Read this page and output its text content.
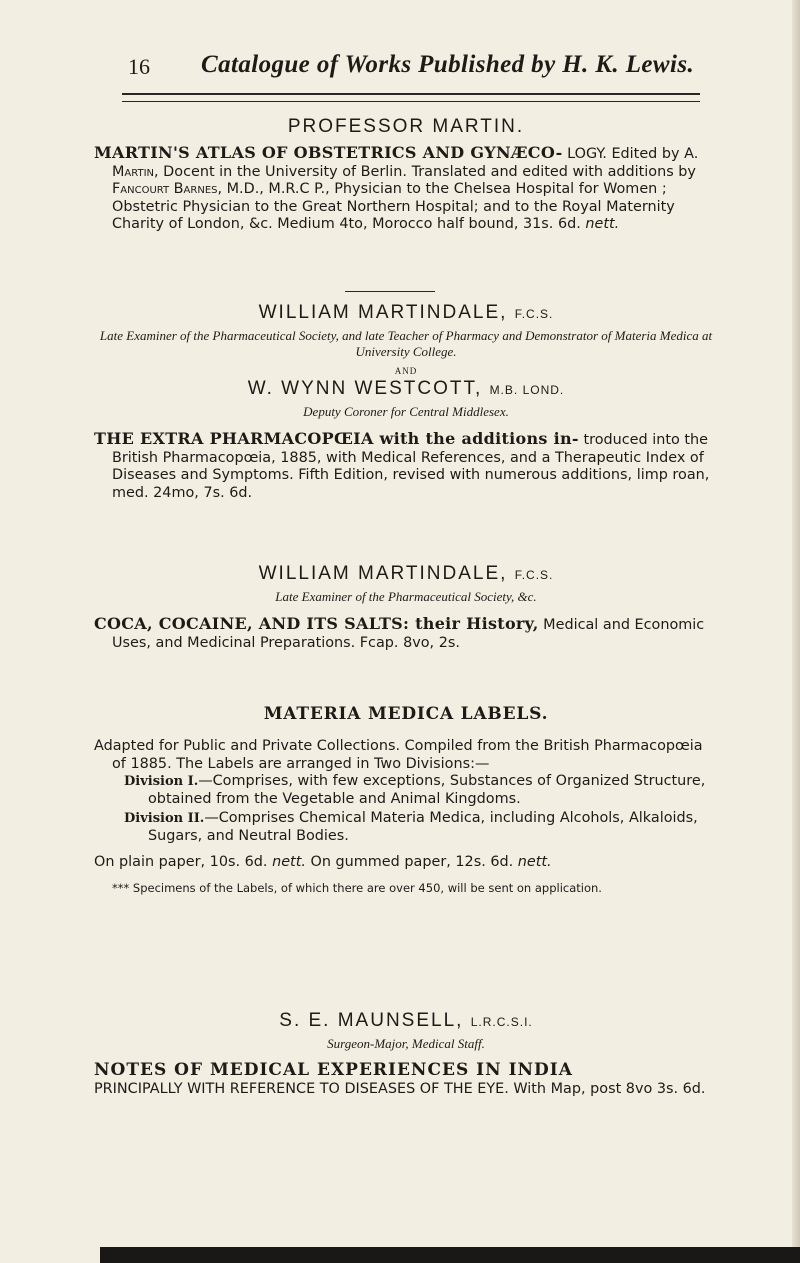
16 Catalogue of Works Published by H. K. Lewis.

PROFESSOR MARTIN.

MARTIN'S ATLAS OF OBSTETRICS AND GYNÆCO- LOGY. Edited by A. Martin, Docent in the University of Berlin. Translated and edited with additions by Fancourt Barnes, M.D., M.R.C P., Physician to the Chelsea Hospital for Women ; Obstetric Physician to the Great Northern Hospital; and to the Royal Maternity Charity of London, &c. Medium 4to, Morocco half bound, 31s. 6d. nett.

WILLIAM MARTINDALE, F.C.S.

Late Examiner of the Pharmaceutical Society, and late Teacher of Pharmacy and Demonstrator of Materia Medica at University College.

AND

W. WYNN WESTCOTT, M.B. LOND.

Deputy Coroner for Central Middlesex.

THE EXTRA PHARMACOPŒIA with the additions in- troduced into the British Pharmacopœia, 1885, with Medical References, and a Therapeutic Index of Diseases and Symptoms. Fifth Edition, revised with numerous additions, limp roan, med. 24mo, 7s. 6d.

WILLIAM MARTINDALE, F.C.S.

Late Examiner of the Pharmaceutical Society, &c.

COCA, COCAINE, AND ITS SALTS: their History, Medical and Economic Uses, and Medicinal Preparations. Fcap. 8vo, 2s.

MATERIA MEDICA LABELS.

Adapted for Public and Private Collections. Compiled from the British Pharmacopœia of 1885. The Labels are arranged in Two Divisions:—

Division I.—Comprises, with few exceptions, Substances of Organized Structure, obtained from the Vegetable and Animal Kingdoms.

Division II.—Comprises Chemical Materia Medica, including Alcohols, Alkaloids, Sugars, and Neutral Bodies.

On plain paper, 10s. 6d. nett. On gummed paper, 12s. 6d. nett.

*** Specimens of the Labels, of which there are over 450, will be sent on application.

S. E. MAUNSELL, L.R.C.S.I.

Surgeon-Major, Medical Staff.

NOTES OF MEDICAL EXPERIENCES IN INDIA
PRINCIPALLY WITH REFERENCE TO DISEASES OF THE EYE. With Map, post 8vo 3s. 6d.
